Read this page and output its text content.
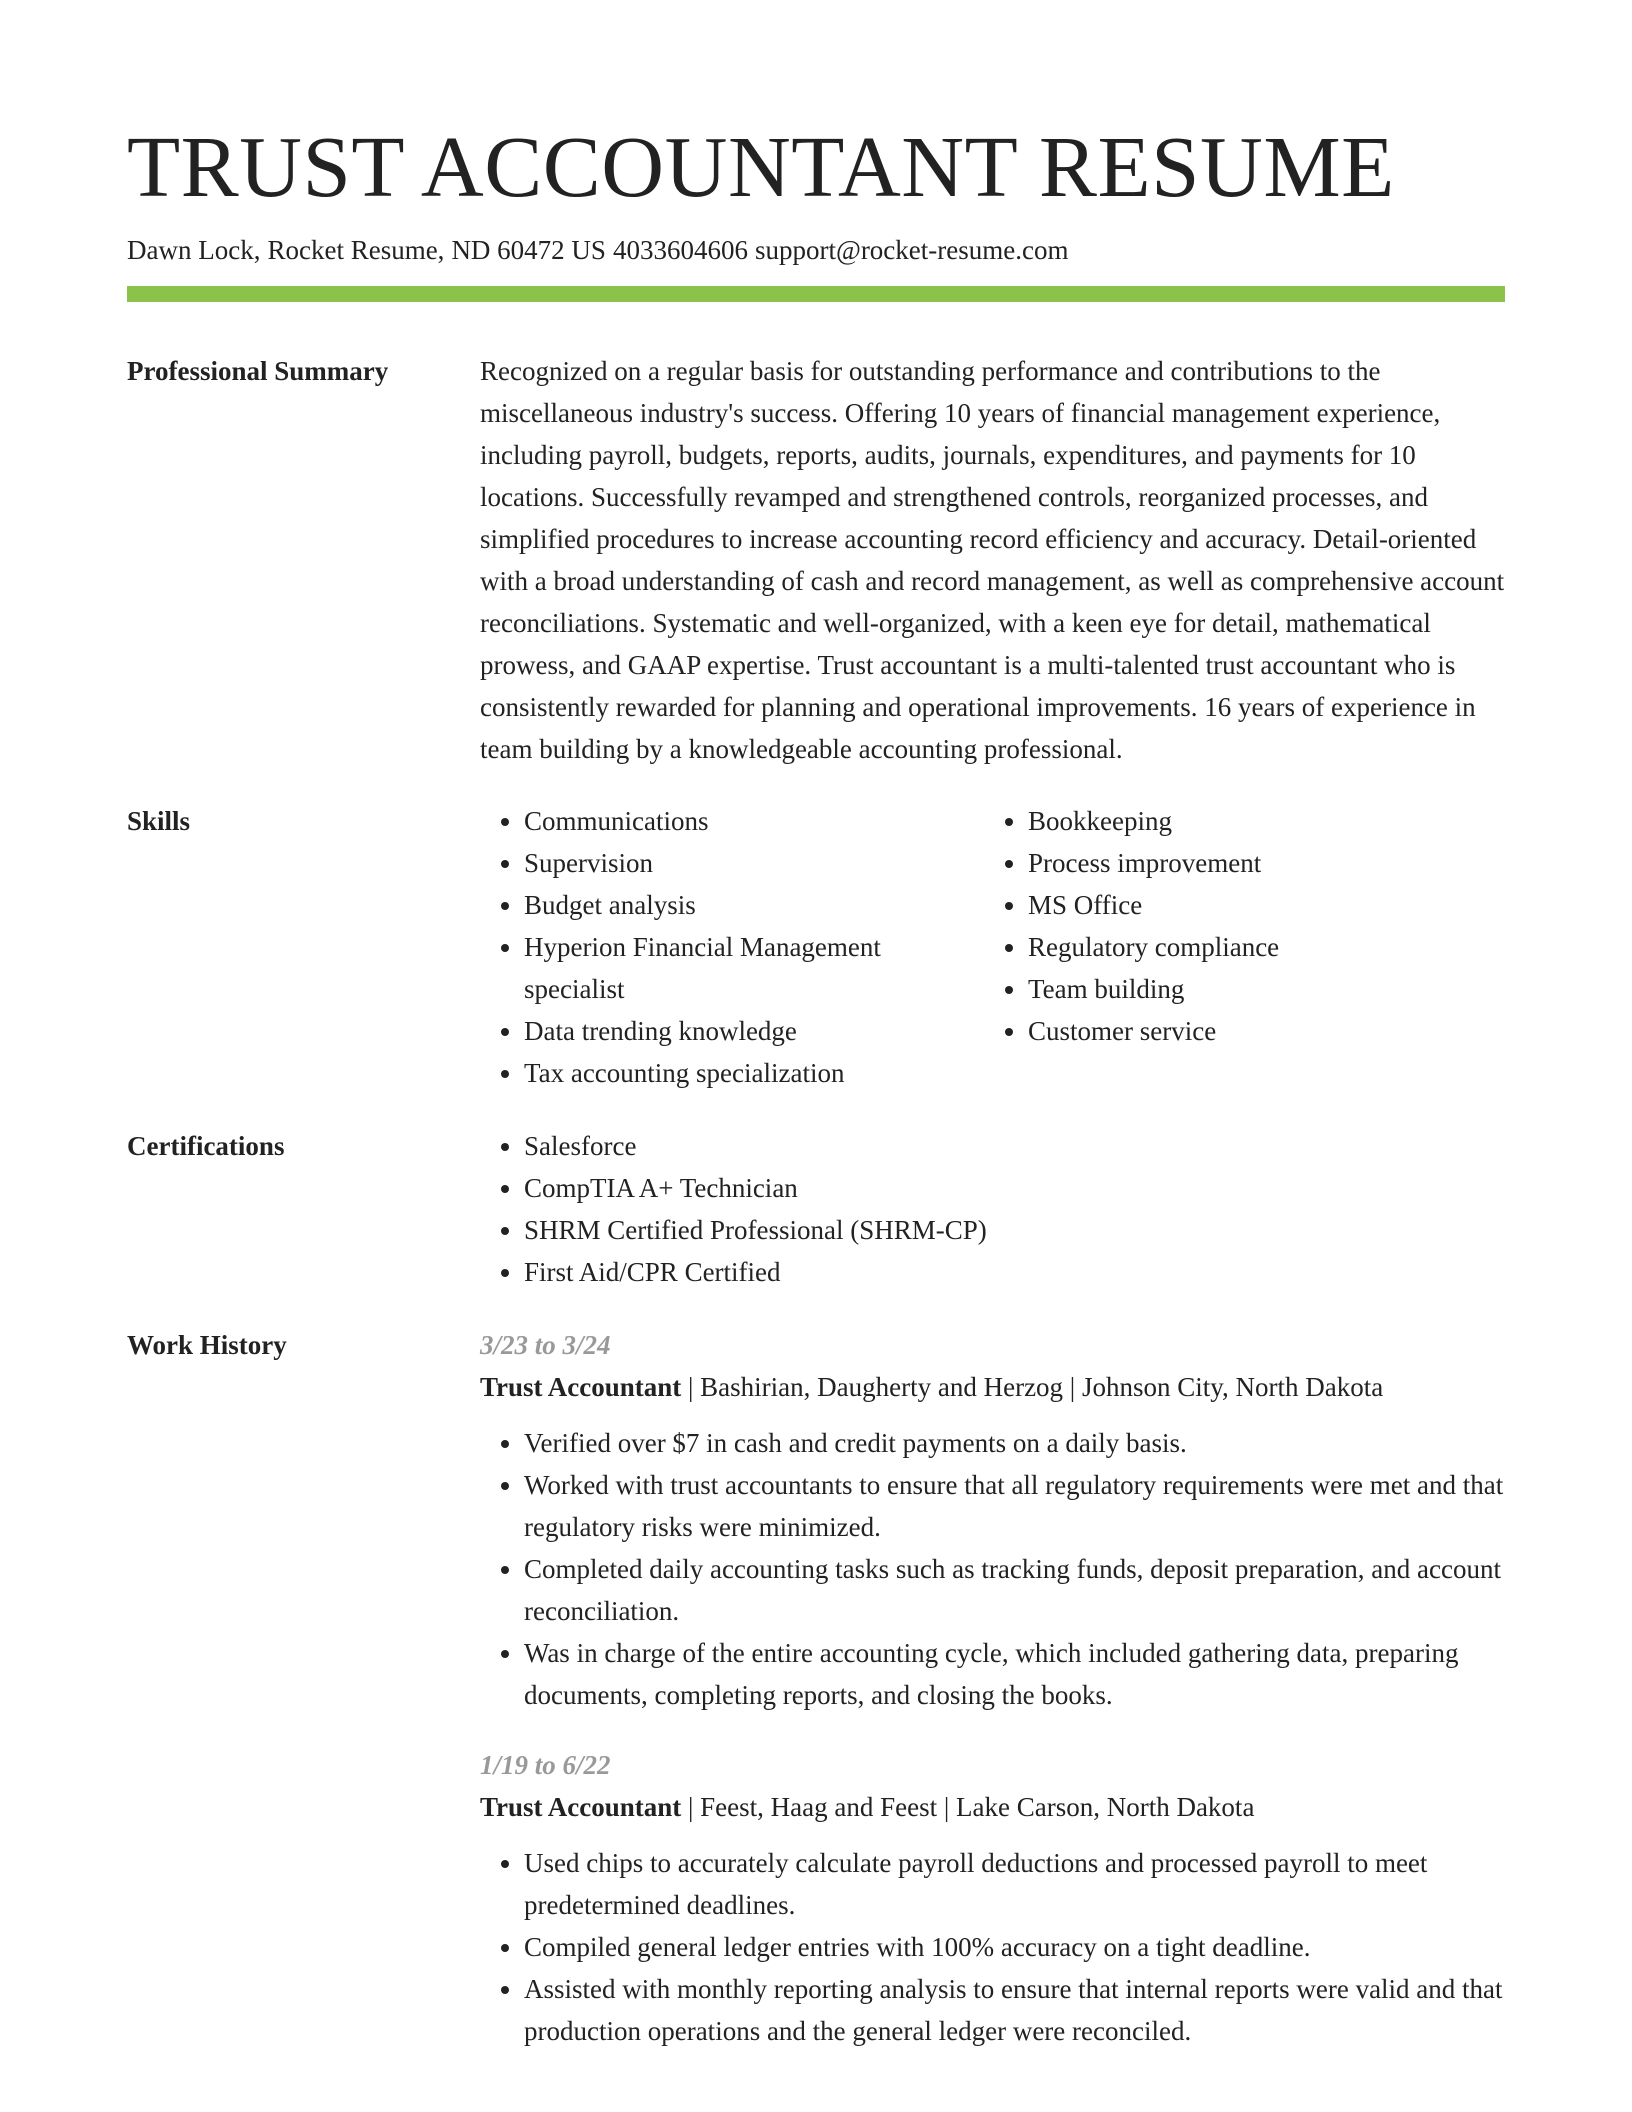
TRUST ACCOUNTANT RESUME
Dawn Lock, Rocket Resume, ND 60472 US 4033604606 support@rocket-resume.com
Professional Summary	Recognized on a regular basis for outstanding performance and contributions to the miscellaneous industry's success. Offering 10 years of financial management experience, including payroll, budgets, reports, audits, journals, expenditures, and payments for 10 locations. Successfully revamped and strengthened controls, reorganized processes, and simplified procedures to increase accounting record efficiency and accuracy. Detail-oriented with a broad understanding of cash and record management, as well as comprehensive account reconciliations. Systematic and well-organized, with a keen eye for detail, mathematical prowess, and GAAP expertise. Trust accountant is a multi-talented trust accountant who is consistently rewarded for planning and operational improvements. 16 years of experience in team building by a knowledgeable accounting professional.

Skills	• Communications
• Supervision
• Budget analysis
• Hyperion Financial Management specialist
• Data trending knowledge
• Tax accounting specialization
• Bookkeeping
• Process improvement
• MS Office
• Regulatory compliance
• Team building
• Customer service
Certifications	• Salesforce
• CompTIA A+ Technician
• SHRM Certified Professional (SHRM-CP)
• First Aid/CPR Certified
Work History	3/23 to 3/24
Trust Accountant | Bashirian, Daugherty and Herzog | Johnson City, North Dakota
• Verified over $7 in cash and credit payments on a daily basis.
• Worked with trust accountants to ensure that all regulatory requirements were met and that regulatory risks were minimized.
• Completed daily accounting tasks such as tracking funds, deposit preparation, and account reconciliation.
• Was in charge of the entire accounting cycle, which included gathering data, preparing documents, completing reports, and closing the books.
1/19 to 6/22
Trust Accountant | Feest, Haag and Feest | Lake Carson, North Dakota
• Used chips to accurately calculate payroll deductions and processed payroll to meet predetermined deadlines.
• Compiled general ledger entries with 100% accuracy on a tight deadline.
• Assisted with monthly reporting analysis to ensure that internal reports were valid and that production operations and the general ledger were reconciled.
